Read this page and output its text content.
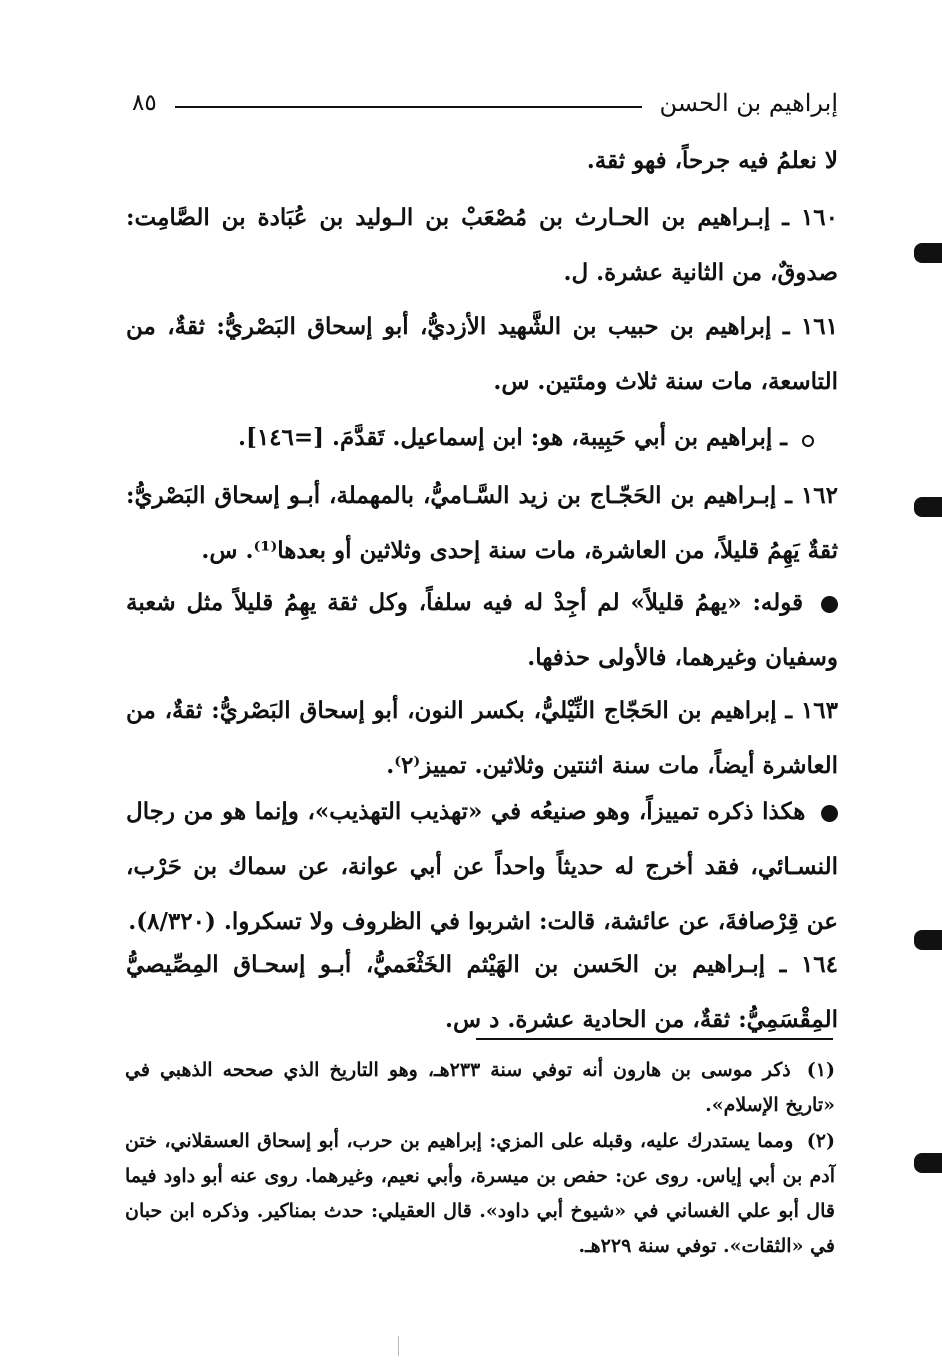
إبراهيم بن الحسن
٨٥
لا نعلمُ فيه جرحاً، فهو ثقة.
١٦٠ ـ إبـراهيم بن الحـارث بن مُصْعَبْ بن الـوليد بن عُبَادة بن الصَّامِت: صدوقٌ، من الثانية عشرة. ل.
١٦١ ـ إبراهيم بن حبيب بن الشَّهيد الأزديُّ، أبو إسحاق البَصْريُّ: ثقةٌ، من التاسعة، مات سنة ثلاث ومئتين. س.
ـ إبراهيم بن أبي حَبِيبة، هو: ابن إسماعيل. تَقدَّمَ. [=١٤٦].
١٦٢ ـ إبـراهيم بن الحَجّـاج بن زيد السَّـاميُّ، بالمهملة، أبـو إسحاق البَصْريُّ: ثقةٌ يَهِمُ قليلاً، من العاشرة، مات سنة إحدى وثلاثين أو بعدها⁽¹⁾. س.
قوله: «يهمُ قليلاً» لم أجِدْ له فيه سلفاً، وكل ثقة يهِمُ قليلاً مثل شعبة وسفيان وغيرهما، فالأولى حذفها.
١٦٣ ـ إبراهيم بن الحَجّاج النِّيْليُّ، بكسر النون، أبو إسحاق البَصْريُّ: ثقةٌ، من العاشرة أيضاً، مات سنة اثنتين وثلاثين. تمييز⁽٢⁾.
هكذا ذكره تمييزاً، وهو صنيعُه في «تهذيب التهذيب»، وإنما هو من رجال النسـائي، فقد أخرج له حديثاً واحداً عن أبي عوانة، عن سماك بن حَرْب، عن قِرْصافةَ، عن عائشة، قالت: اشربوا في الظروف ولا تسكروا. (٨/٣٢٠).
١٦٤ ـ إبـراهيم بن الحَسن بن الهَيْثم الخَثْعَميُّ، أبـو إسحـاق المِصِّيصيُّ المِقْسَمِيُّ: ثقةٌ، من الحادية عشرة. د س.
(١) ذكر موسى بن هارون أنه توفي سنة ٢٣٣هـ، وهو التاريخ الذي صححه الذهبي في «تاريخ الإسلام».
(٢) ومما يستدرك عليه، وقبله على المزي: إبراهيم بن حرب، أبو إسحاق العسقلاني، ختن آدم بن أبي إياس. روى عن: حفص بن ميسرة، وأبي نعيم، وغيرهما. روى عنه أبو داود فيما قال أبو علي الغساني في «شيوخ أبي داود». قال العقيلي: حدث بمناكير. وذكره ابن حبان في «الثقات». توفي سنة ٢٢٩هـ.
